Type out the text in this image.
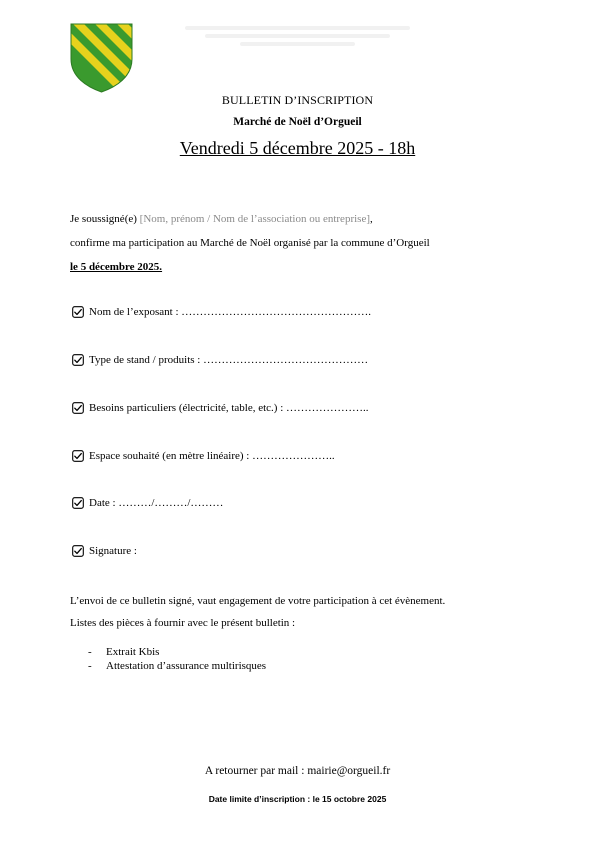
BULLETIN D’INSCRIPTION
Marché de Noël d’Orgueil
Vendredi 5 décembre 2025 - 18h
Je soussigné(e) [Nom, prénom / Nom de l’association ou entreprise],
confirme ma participation au Marché de Noël organisé par la commune d’Orgueil
le 5 décembre 2025.
Nom de l’exposant : …………………………………………….
Type de stand / produits : ………………………………………
Besoins particuliers (électricité, table, etc.) : …………………..
Espace souhaité (en mètre linéaire) : …………………..
Date : ………/………/………
Signature :
L’envoi de ce bulletin signé, vaut engagement de votre participation à cet évènement.
Listes des pièces à fournir avec le présent bulletin :
-	Extrait Kbis
-	Attestation d’assurance multirisques
A retourner par mail : mairie@orgueil.fr
Date limite d’inscription : le 15 octobre 2025
